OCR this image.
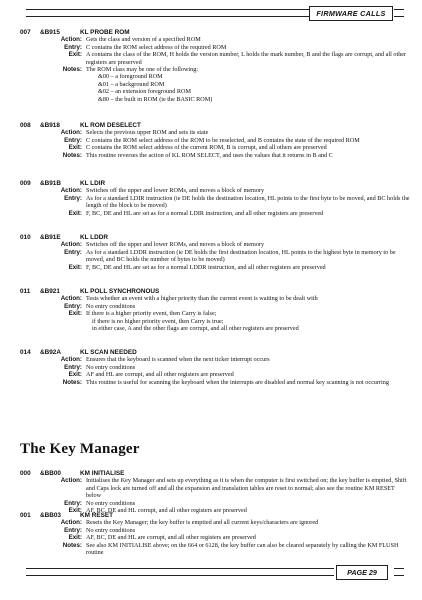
FIRMWARE CALLS
007 &B915	KL PROBE ROM
Action: Gets the class and version of a specified ROM
Entry: C contains the ROM select address of the required ROM
Exit: A contains the class of the ROM, H holds the version number, L holds the mark number, B and the flags are corrupt, and all other registers are preserved
Notes: The ROM class may be one of the following:
&00 – a foreground ROM
&01 – a background ROM
&02 – an extension foreground ROM
&80 – the built in ROM (ie the BASIC ROM)
008 &B918	KL ROM DESELECT
Action: Selects the previous upper ROM and sets its state
Entry: C contains the ROM select address of the ROM to be reselected, and B contains the state of the required ROM
Exit: C contains the ROM select address of the current ROM, B is corrupt, and all others are preserved
Notes: This routine reverses the action of KL ROM SELECT, and uses the values that it returns in B and C
009 &B91B	KL LDIR
Action: Switches off the upper and lower ROMs, and moves a block of memory
Entry: As for a standard LDIR instruction (ie DE holds the destination location, HL points to the first byte to be moved, and BC holds the length of the block to be moved)
Exit: F, BC, DE and HL are set as for a normal LDIR instruction, and all other registers are preserved
010 &B91E	KL LDDR
Action: Switches off the upper and lower ROMs, and moves a block of memory
Entry: As for a standard LDDR instruction (ie DE holds the first destination location, HL points to the highest byte in memory to be moved, and BC holds the number of bytes to be moved)
Exit: F, BC, DE and HL are set as for a normal LDDR instruction, and all other registers are preserved
011 &B921	KL POLL SYNCHRONOUS
Action: Tests whether an event with a higher priority than the current event is waiting to be dealt with
Entry: No entry conditions
Exit: If there is a higher priority event, then Carry is false;
if there is no higher priority event, then Carry is true;
in either case, A and the other flags are corrupt, and all other registers are preserved
014 &B92A	KL SCAN NEEDED
Action: Ensures that the keyboard is scanned when the next ticker interrupt occurs
Entry: No entry conditions
Exit: AF and HL are corrupt, and all other registers are preserved
Notes: This routine is useful for scanning the keyboard when the interrupts are disabled and normal key scanning is not occurring
The Key Manager
000 &BB00	KM INITIALISE
Action: Initialises the Key Manager and sets up everything as it is when the computer is first switched on; the key buffer is emptied, Shift and Caps lock are turned off and all the expansion and translation tables are reset to normal; also see the routine KM RESET below
Entry: No entry conditions
Exit: AF, BC, DE and HL corrupt, and all other registers are preserved
001 &BB03	KM RESET
Action: Resets the Key Manager; the key buffer is emptied and all current keys/characters are ignored
Entry: No entry conditions
Exit: AF, BC, DE and HL are corrupt, and all other registers are preserved
Notes: See also KM INITIALISE above; on the 664 or 6128, the key buffer can also be cleared separately by calling the KM FLUSH routine
PAGE 29
